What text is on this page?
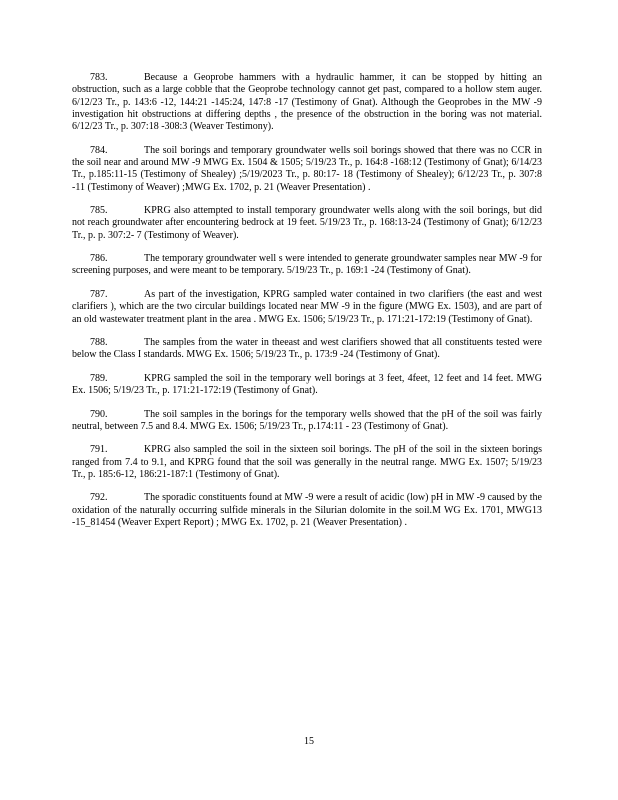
783.	Because a Geoprobe hammers with a hydraulic hammer, it can be stopped by hitting an obstruction, such as a large cobble that the Geoprobe technology cannot get past, compared to a hollow stem auger. 6/12/23 Tr., p. 143:6 -12, 144:21 -145:24, 147:8 -17 (Testimony of Gnat). Although the Geoprobes in the MW -9 investigation hit obstructions at differing depths , the presence of the obstruction in the boring was not material. 6/12/23 Tr., p. 307:18 -308:3 (Weaver Testimony).

784.	The soil borings and temporary groundwater wells soil borings showed that there was no CCR in the soil near and around MW -9 MWG Ex. 1504 & 1505; 5/19/23 Tr., p. 164:8 -168:12 (Testimony of Gnat); 6/14/23 Tr., p.185:11-15 (Testimony of Shealey) ;5/19/2023 Tr., p. 80:17- 18 (Testimony of Shealey); 6/12/23 Tr., p. 307:8 -11 (Testimony of Weaver) ;MWG Ex. 1702, p. 21 (Weaver Presentation) .

785.	KPRG also attempted to install temporary groundwater wells along with the soil borings, but did not reach groundwater after encountering bedrock at 19 feet. 5/19/23 Tr., p. 168:13-24 (Testimony of Gnat); 6/12/23 Tr., p. p. 307:2- 7 (Testimony of Weaver).

786.	The temporary groundwater well s were intended to generate groundwater samples near MW -9 for screening purposes, and were meant to be temporary. 5/19/23 Tr., p. 169:1 -24 (Testimony of Gnat).

787.	As part of the investigation, KPRG sampled water contained in two clarifiers (the east and west clarifiers ), which are the two circular buildings located near MW -9 in the figure (MWG Ex. 1503), and are part of an old wastewater treatment plant in the area . MWG Ex. 1506; 5/19/23 Tr., p. 171:21-172:19 (Testimony of Gnat).

788.	The samples from the water in theeast and west clarifiers showed that all constituents tested were below the Class I standards. MWG Ex. 1506; 5/19/23 Tr., p. 173:9 -24 (Testimony of Gnat).

789.	KPRG sampled the soil in the temporary well borings at 3 feet, 4feet, 12 feet and 14 feet. MWG Ex. 1506; 5/19/23 Tr., p. 171:21-172:19 (Testimony of Gnat).

790.	The soil samples in the borings for the temporary wells showed that the pH of the soil was fairly neutral, between 7.5 and 8.4. MWG Ex. 1506; 5/19/23 Tr., p.174:11 - 23 (Testimony of Gnat).

791.	KPRG also sampled the soil in the sixteen soil borings. The pH of the soil in the sixteen borings ranged from 7.4 to 9.1, and KPRG found that the soil was generally in the neutral range. MWG Ex. 1507; 5/19/23 Tr., p. 185:6-12, 186:21-187:1 (Testimony of Gnat).

792.	The sporadic constituents found at MW -9 were a result of acidic (low) pH in MW -9 caused by the oxidation of the naturally occurring sulfide minerals in the Silurian dolomite in the soil.M WG Ex. 1701, MWG13 -15_81454 (Weaver Expert Report) ; MWG Ex. 1702, p. 21 (Weaver Presentation) .

15
